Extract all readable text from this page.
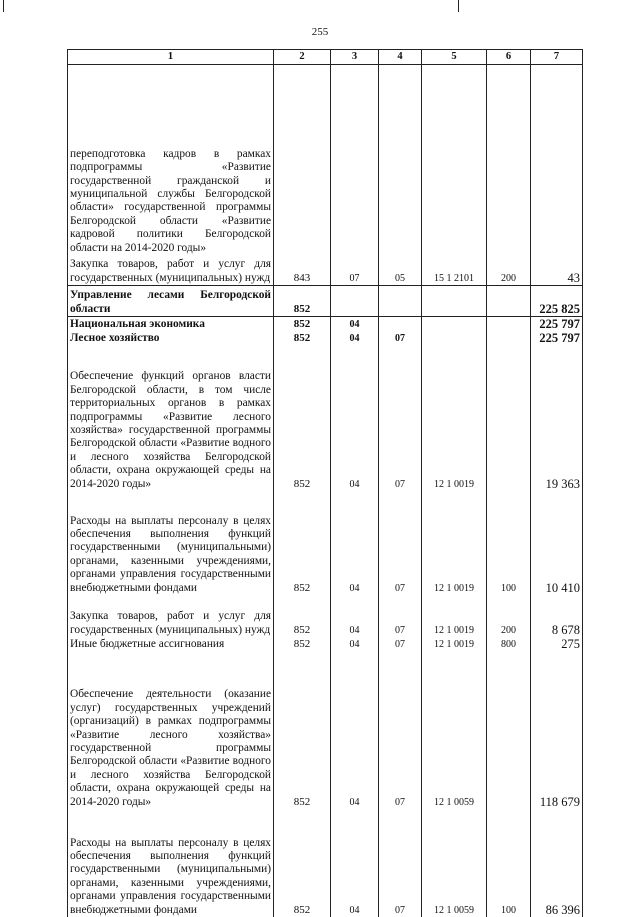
255
1	2	3	4	5	6	7
переподготовка кадров в рамках подпрограммы «Развитие государственной гражданской и муниципальной службы Белгородской области» государственной программы Белгородской области «Развитие кадровой политики Белгородской области на 2014-2020 годы»						
Закупка товаров, работ и услуг для государственных (муниципальных) нужд	843	07	05	15 1 2101	200	43
Управление лесами Белгородской области	852					225 825
Национальная экономика	852	04				225 797
Лесное хозяйство	852	04	07			225 797
Обеспечение функций органов власти Белгородской области, в том числе территориальных органов в рамках подпрограммы «Развитие лесного хозяйства» государственной программы Белгородской области «Развитие водного и лесного хозяйства Белгородской области, охрана окружающей среды на 2014-2020 годы»	852	04	07	12 1 0019		19 363
Расходы на выплаты персоналу в целях обеспечения выполнения функций государственными (муниципальными) органами, казенными учреждениями, органами управления государственными внебюджетными фондами	852	04	07	12 1 0019	100	10 410
Закупка товаров, работ и услуг для государственных (муниципальных) нужд	852	04	07	12 1 0019	200	8 678
Иные бюджетные ассигнования	852	04	07	12 1 0019	800	275
Обеспечение деятельности (оказание услуг) государственных учреждений (организаций) в рамках подпрограммы «Развитие лесного хозяйства» государственной программы Белгородской области «Развитие водного и лесного хозяйства Белгородской области, охрана окружающей среды на 2014-2020 годы»	852	04	07	12 1 0059		118 679
Расходы на выплаты персоналу в целях обеспечения выполнения функций государственными (муниципальными) органами, казенными учреждениями, органами управления государственными внебюджетными фондами	852	04	07	12 1 0059	100	86 396
